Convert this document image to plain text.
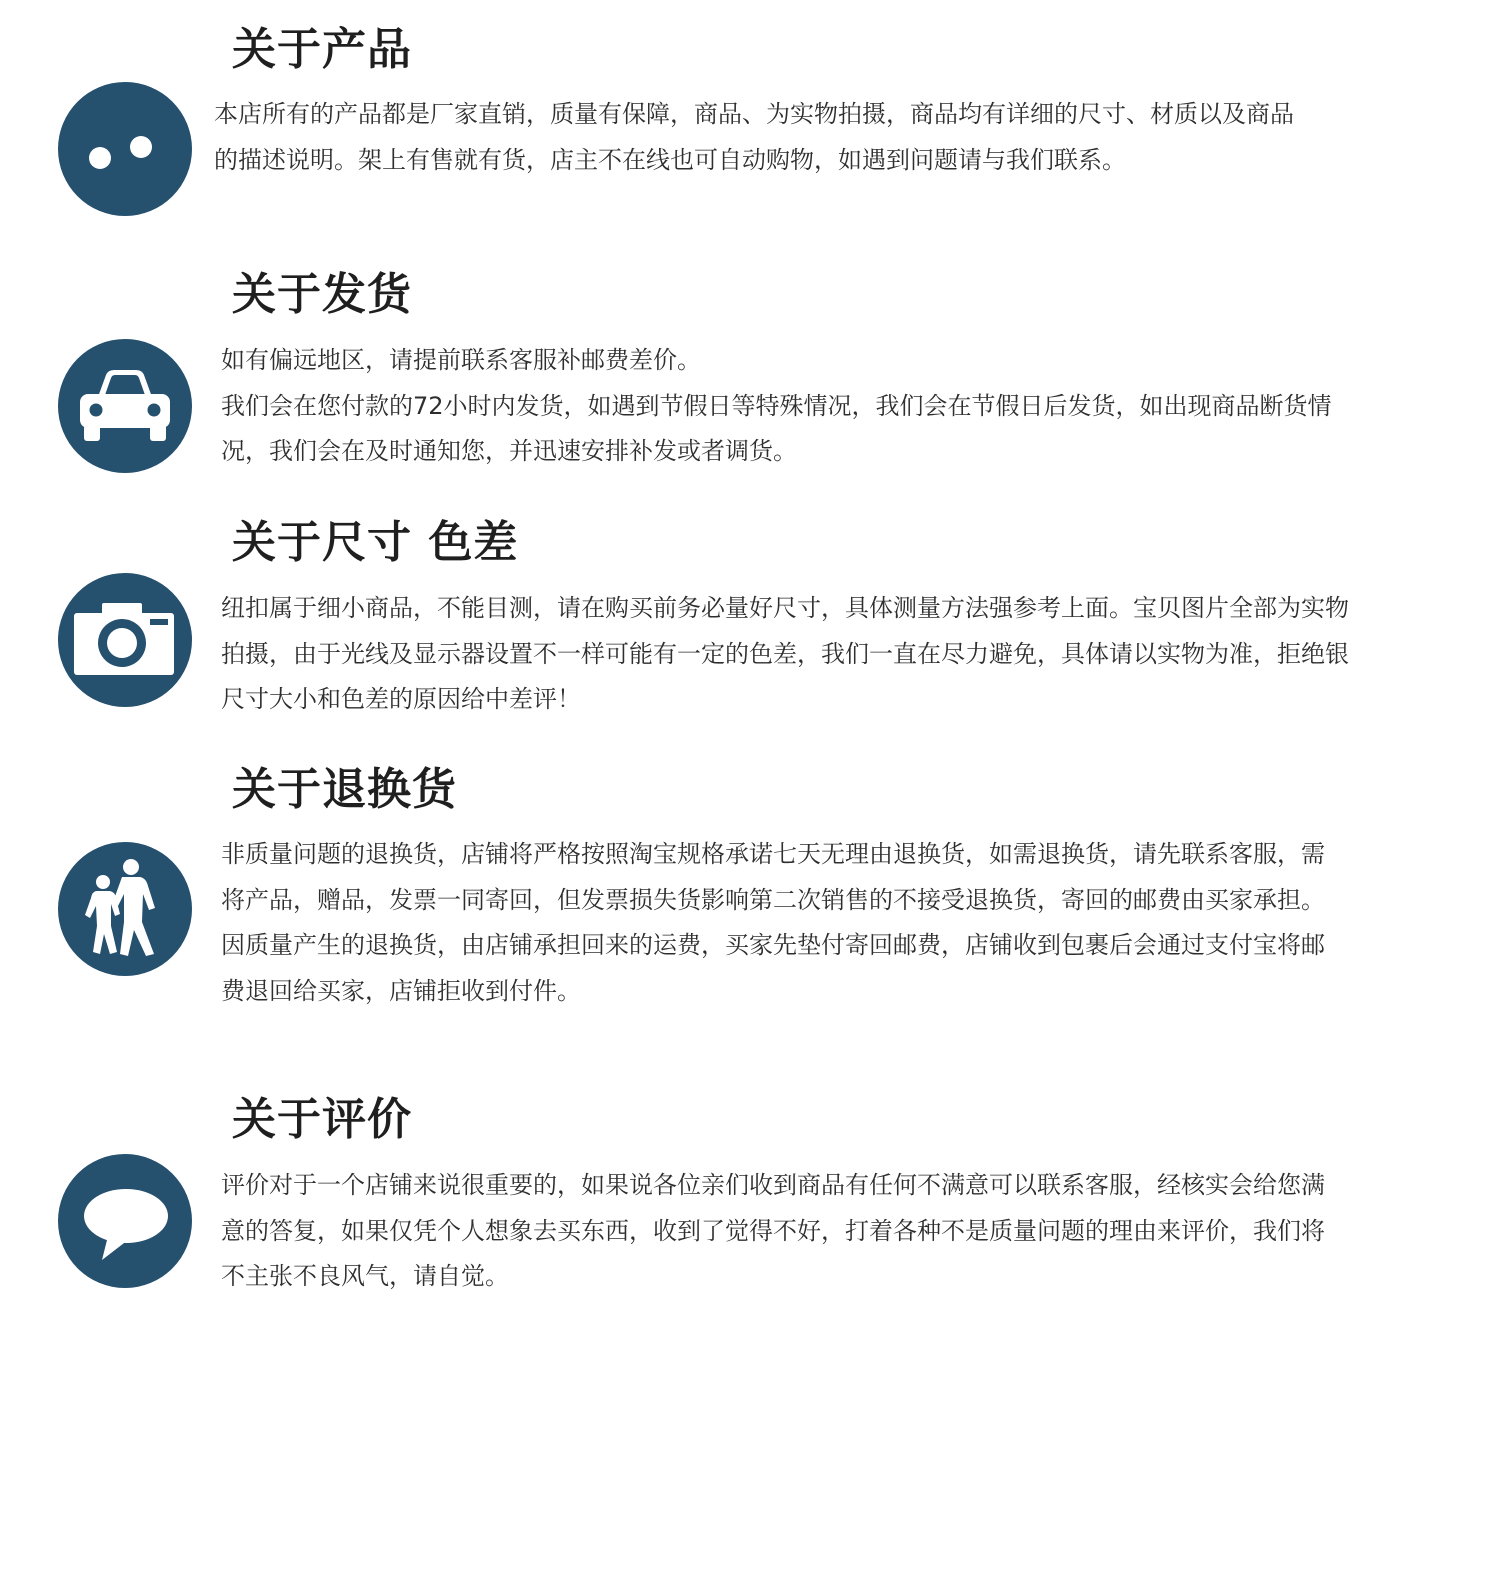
关于产品

本店所有的产品都是厂家直销，质量有保障，商品、为实物拍摄，商品均有详细的尺寸、材质以及商品的描述说明。架上有售就有货，店主不在线也可自动购物，如遇到问题请与我们联系。

关于发货

如有偏远地区，请提前联系客服补邮费差价。

我们会在您付款的72小时内发货，如遇到节假日等特殊情况，我们会在节假日后发货，如出现商品断货情况，我们会在及时通知您，并迅速安排补发或者调货。

关于尺寸 色差

纽扣属于细小商品，不能目测，请在购买前务必量好尺寸，具体测量方法强参考上面。宝贝图片全部为实物拍摄，由于光线及显示器设置不一样可能有一定的色差，我们一直在尽力避免，具体请以实物为准，拒绝银尺寸大小和色差的原因给中差评！

关于退换货

非质量问题的退换货，店铺将严格按照淘宝规格承诺七天无理由退换货，如需退换货，请先联系客服，需将产品，赠品，发票一同寄回，但发票损失货影响第二次销售的不接受退换货，寄回的邮费由买家承担。

因质量产生的退换货，由店铺承担回来的运费，买家先垫付寄回邮费，店铺收到包裹后会通过支付宝将邮费退回给买家，店铺拒收到付件。

关于评价

评价对于一个店铺来说很重要的，如果说各位亲们收到商品有任何不满意可以联系客服，经核实会给您满意的答复，如果仅凭个人想象去买东西，收到了觉得不好，打着各种不是质量问题的理由来评价，我们将不主张不良风气，请自觉。
